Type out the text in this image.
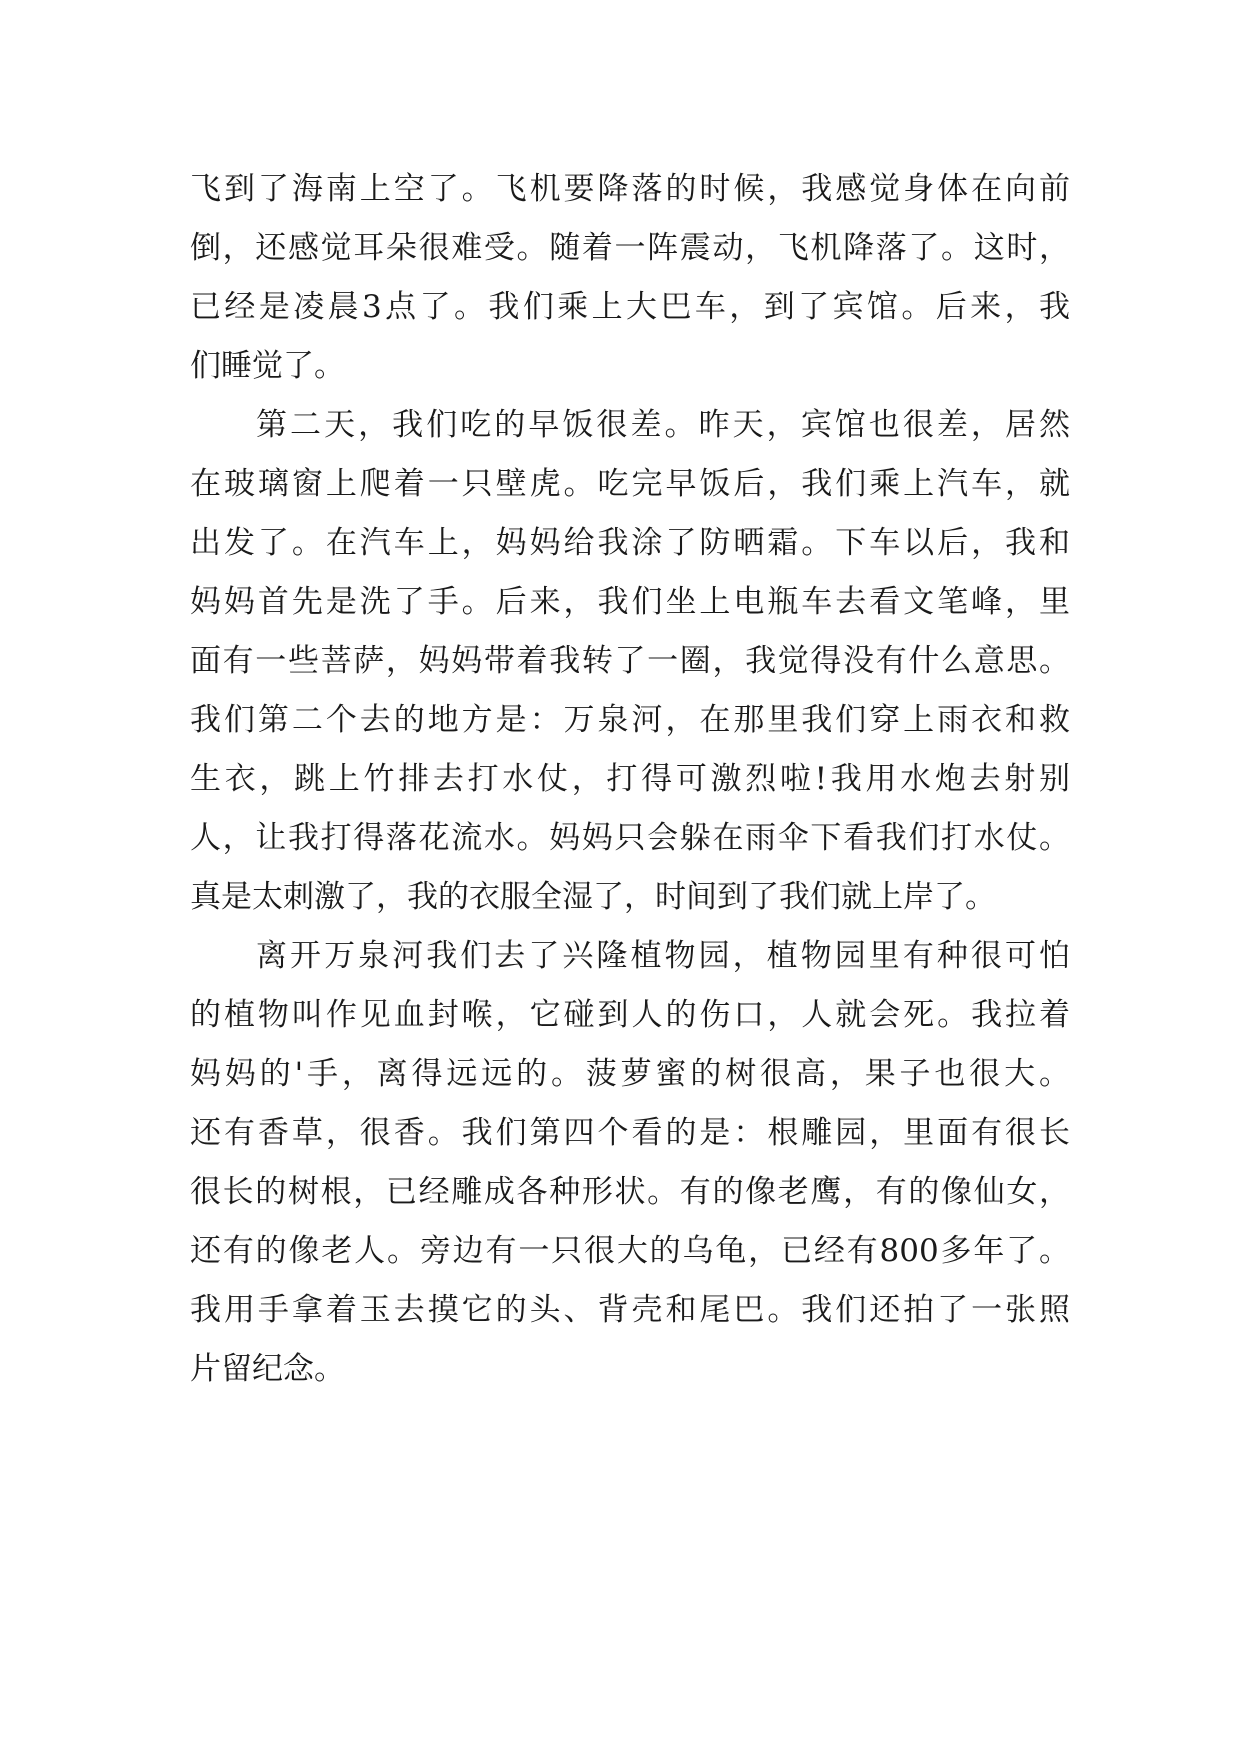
飞到了海南上空了。飞机要降落的时候，我感觉身体在向前
倒，还感觉耳朵很难受。随着一阵震动，飞机降落了。这时，
已经是凌晨3点了。我们乘上大巴车，到了宾馆。后来，我
们睡觉了。
第二天，我们吃的早饭很差。昨天，宾馆也很差，居然
在玻璃窗上爬着一只壁虎。吃完早饭后，我们乘上汽车，就
出发了。在汽车上，妈妈给我涂了防晒霜。下车以后，我和
妈妈首先是洗了手。后来，我们坐上电瓶车去看文笔峰，里
面有一些菩萨，妈妈带着我转了一圈，我觉得没有什么意思。
我们第二个去的地方是：万泉河，在那里我们穿上雨衣和救
生衣，跳上竹排去打水仗，打得可激烈啦!我用水炮去射别
人，让我打得落花流水。妈妈只会躲在雨伞下看我们打水仗。
真是太刺激了，我的衣服全湿了，时间到了我们就上岸了。
离开万泉河我们去了兴隆植物园，植物园里有种很可怕
的植物叫作见血封喉，它碰到人的伤口，人就会死。我拉着
妈妈的'手，离得远远的。菠萝蜜的树很高，果子也很大。
还有香草，很香。我们第四个看的是：根雕园，里面有很长
很长的树根，已经雕成各种形状。有的像老鹰，有的像仙女，
还有的像老人。旁边有一只很大的乌龟，已经有800多年了。
我用手拿着玉去摸它的头、背壳和尾巴。我们还拍了一张照
片留纪念。
